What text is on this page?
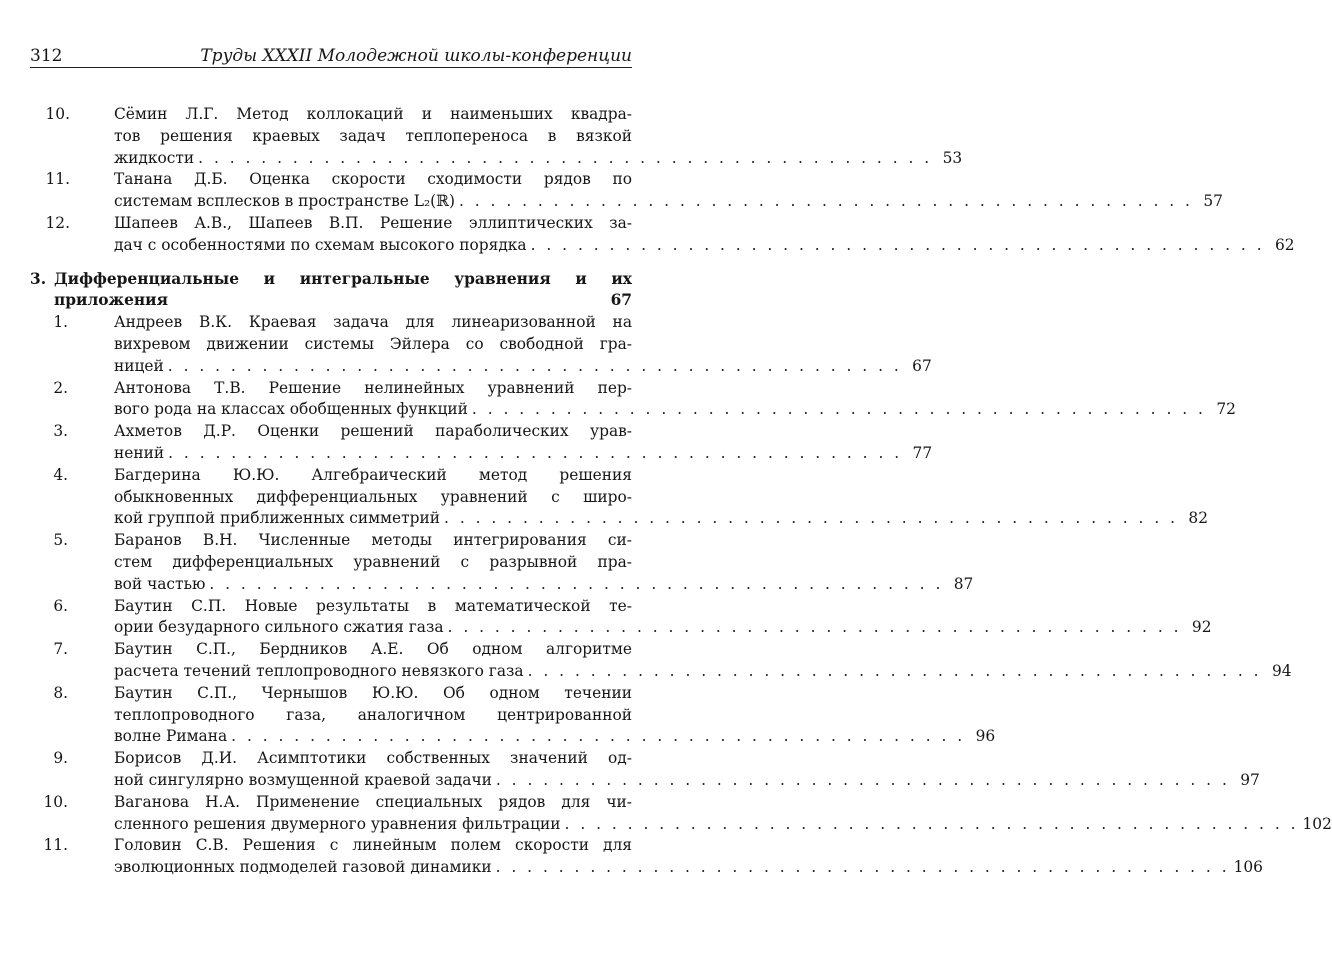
312	Труды XXXII Молодежной школы-конференции
10.	Сёмин Л.Г. Метод коллокаций и наименьших квадра-
тов решения краевых задач теплопереноса в вязкой
жидкости . . . . . . . . . . . . . . . . . . . . . . . . . . . . . . . . . . . . . . . . . . . . . . . 53
11.	Танана Д.Б. Оценка скорости сходимости рядов по
системам всплесков в пространстве L₂(ℝ) . . . . . . . . . . . . . . . . . . . . . . . . . . . . . . . . . . . . . . . . . . . . . . . 57
12.	Шапеев А.В., Шапеев В.П. Решение эллиптических за-
дач с особенностями по схемам высокого порядка . . . . . . . . . . . . . . . . . . . . . . . . . . . . . . . . . . . . . . . . . . . . . . . 62
3. Дифференциальные и интегральные уравнения и их
приложения	67
1.	Андреев В.К. Краевая задача для линеаризованной на
вихревом движении системы Эйлера со свободной гра-
ницей . . . . . . . . . . . . . . . . . . . . . . . . . . . . . . . . . . . . . . . . . . . . . . . 67
2.	Антонова Т.В. Решение нелинейных уравнений пер-
вого рода на классах обобщенных функций . . . . . . . . . . . . . . . . . . . . . . . . . . . . . . . . . . . . . . . . . . . . . . . 72
3.	Ахметов Д.Р. Оценки решений параболических урав-
нений . . . . . . . . . . . . . . . . . . . . . . . . . . . . . . . . . . . . . . . . . . . . . . . 77
4.	Багдерина Ю.Ю. Алгебраический метод решения
обыкновенных дифференциальных уравнений с широ-
кой группой приближенных симметрий . . . . . . . . . . . . . . . . . . . . . . . . . . . . . . . . . . . . . . . . . . . . . . . 82
5.	Баранов В.Н. Численные методы интегрирования си-
стем дифференциальных уравнений с разрывной пра-
вой частью . . . . . . . . . . . . . . . . . . . . . . . . . . . . . . . . . . . . . . . . . . . . . . . 87
6.	Баутин С.П. Новые результаты в математической те-
ории безударного сильного сжатия газа . . . . . . . . . . . . . . . . . . . . . . . . . . . . . . . . . . . . . . . . . . . . . . . 92
7.	Баутин С.П., Бердников А.Е. Об одном алгоритме
расчета течений теплопроводного невязкого газа . . . . . . . . . . . . . . . . . . . . . . . . . . . . . . . . . . . . . . . . . . . . . . . 94
8.	Баутин С.П., Чернышов Ю.Ю. Об одном течении
теплопроводного газа, аналогичном центрированной
волне Римана . . . . . . . . . . . . . . . . . . . . . . . . . . . . . . . . . . . . . . . . . . . . . . . 96
9.	Борисов Д.И. Асимптотики собственных значений од-
ной сингулярно возмущенной краевой задачи . . . . . . . . . . . . . . . . . . . . . . . . . . . . . . . . . . . . . . . . . . . . . . . 97
10.	Ваганова Н.А. Применение специальных рядов для чи-
сленного решения двумерного уравнения фильтрации . . . . . . . . . . . . . . . . . . . . . . . . . . . . . . . . . . . . . . . . . . . . . . . 102
11.	Головин С.В. Решения с линейным полем скорости для
эволюционных подмоделей газовой динамики . . . . . . . . . . . . . . . . . . . . . . . . . . . . . . . . . . . . . . . . . . . . . . . 106
